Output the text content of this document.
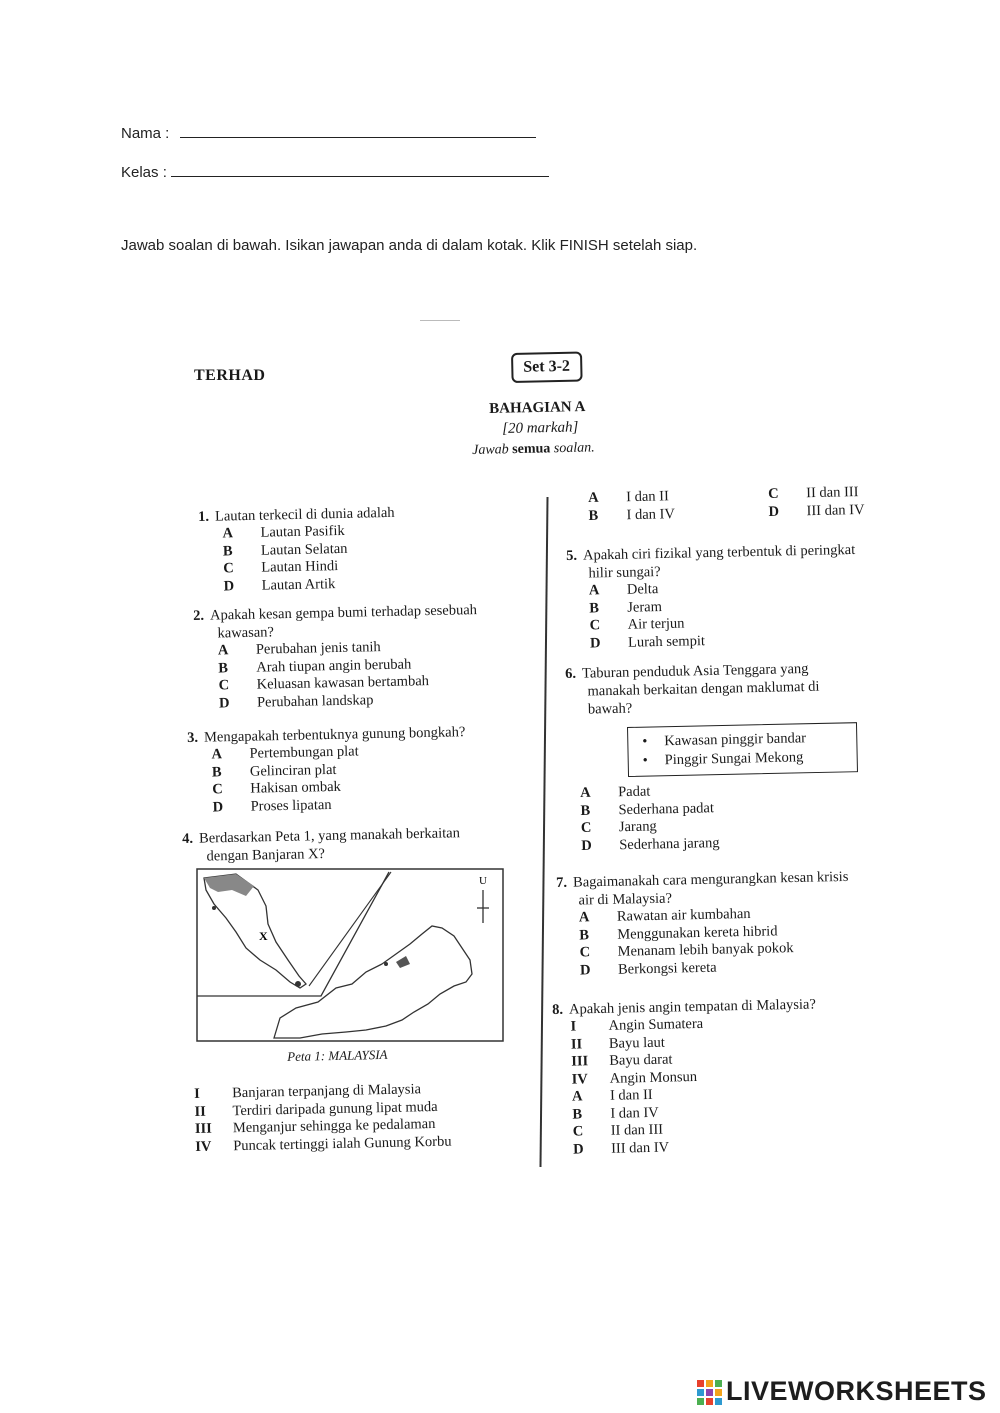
Nama :
Kelas :
Jawab soalan di bawah. Isikan jawapan anda di dalam kotak. Klik FINISH setelah siap.
TERHAD	Set 3-2
BAHAGIAN A
[20 markah]
Jawab semua soalan.
1. Lautan terkecil di dunia adalah
A Lautan Pasifik
B Lautan Selatan
C Lautan Hindi
D Lautan Artik
2. Apakah kesan gempa bumi terhadap sesebuah
kawasan?
A Perubahan jenis tanih
B Arah tiupan angin berubah
C Keluasan kawasan bertambah
D Perubahan landskap
3. Mengapakah terbentuknya gunung bongkah?
A Pertembungan plat
B Gelinciran plat
C Hakisan ombak
D Proses lipatan
4. Berdasarkan Peta 1, yang manakah berkaitan
dengan Banjaran X?
X
U
Peta 1: MALAYSIA
I Banjaran terpanjang di Malaysia
II Terdiri daripada gunung lipat muda
III Menganjur sehingga ke pedalaman
IV Puncak tertinggi ialah Gunung Korbu
A I dan II
B I dan IV
C II dan III
D III dan IV
5. Apakah ciri fizikal yang terbentuk di peringkat
hilir sungai?
A Delta
B Jeram
C Air terjun
D Lurah sempit
6. Taburan penduduk Asia Tenggara yang
manakah berkaitan dengan maklumat di
bawah?
• Kawasan pinggir bandar
• Pinggir Sungai Mekong
A Padat
B Sederhana padat
C Jarang
D Sederhana jarang
7. Bagaimanakah cara mengurangkan kesan krisis
air di Malaysia?
A Rawatan air kumbahan
B Menggunakan kereta hibrid
C Menanam lebih banyak pokok
D Berkongsi kereta
8. Apakah jenis angin tempatan di Malaysia?
I Angin Sumatera
II Bayu laut
III Bayu darat
IV Angin Monsun
A I dan II
B I dan IV
C II dan III
D III dan IV
LIVEWORKSHEETS
